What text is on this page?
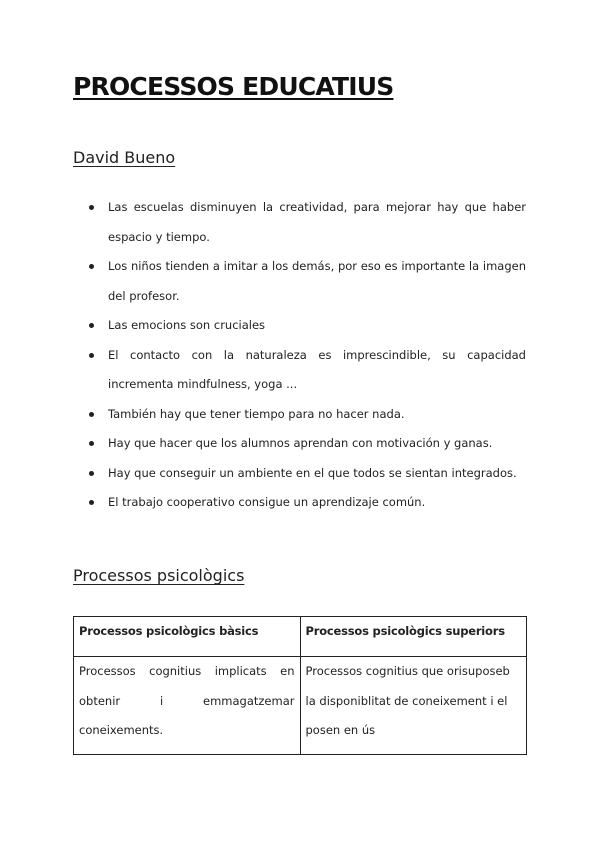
PROCESSOS EDUCATIUS
David Bueno
Las escuelas disminuyen la creatividad, para mejorar hay que haber espacio y tiempo.
Los niños tienden a imitar a los demás, por eso es importante la imagen del profesor.
Las emocions son cruciales
El contacto con la naturaleza es imprescindible, su capacidad incrementa mindfulness, yoga ...
También hay que tener tiempo para no hacer nada.
Hay que hacer que los alumnos aprendan con motivación y ganas.
Hay que conseguir un ambiente en el que todos se sientan integrados.
El trabajo cooperativo consigue un aprendizaje común.
Processos psicològics
Processos psicològics bàsics	Processos psicològics superiors
Processos cognitius implicats en obtenir i emmagatzemar coneixements.	Processos cognitius que orisuposeb la disponiblitat de coneixement i el posen en ús
